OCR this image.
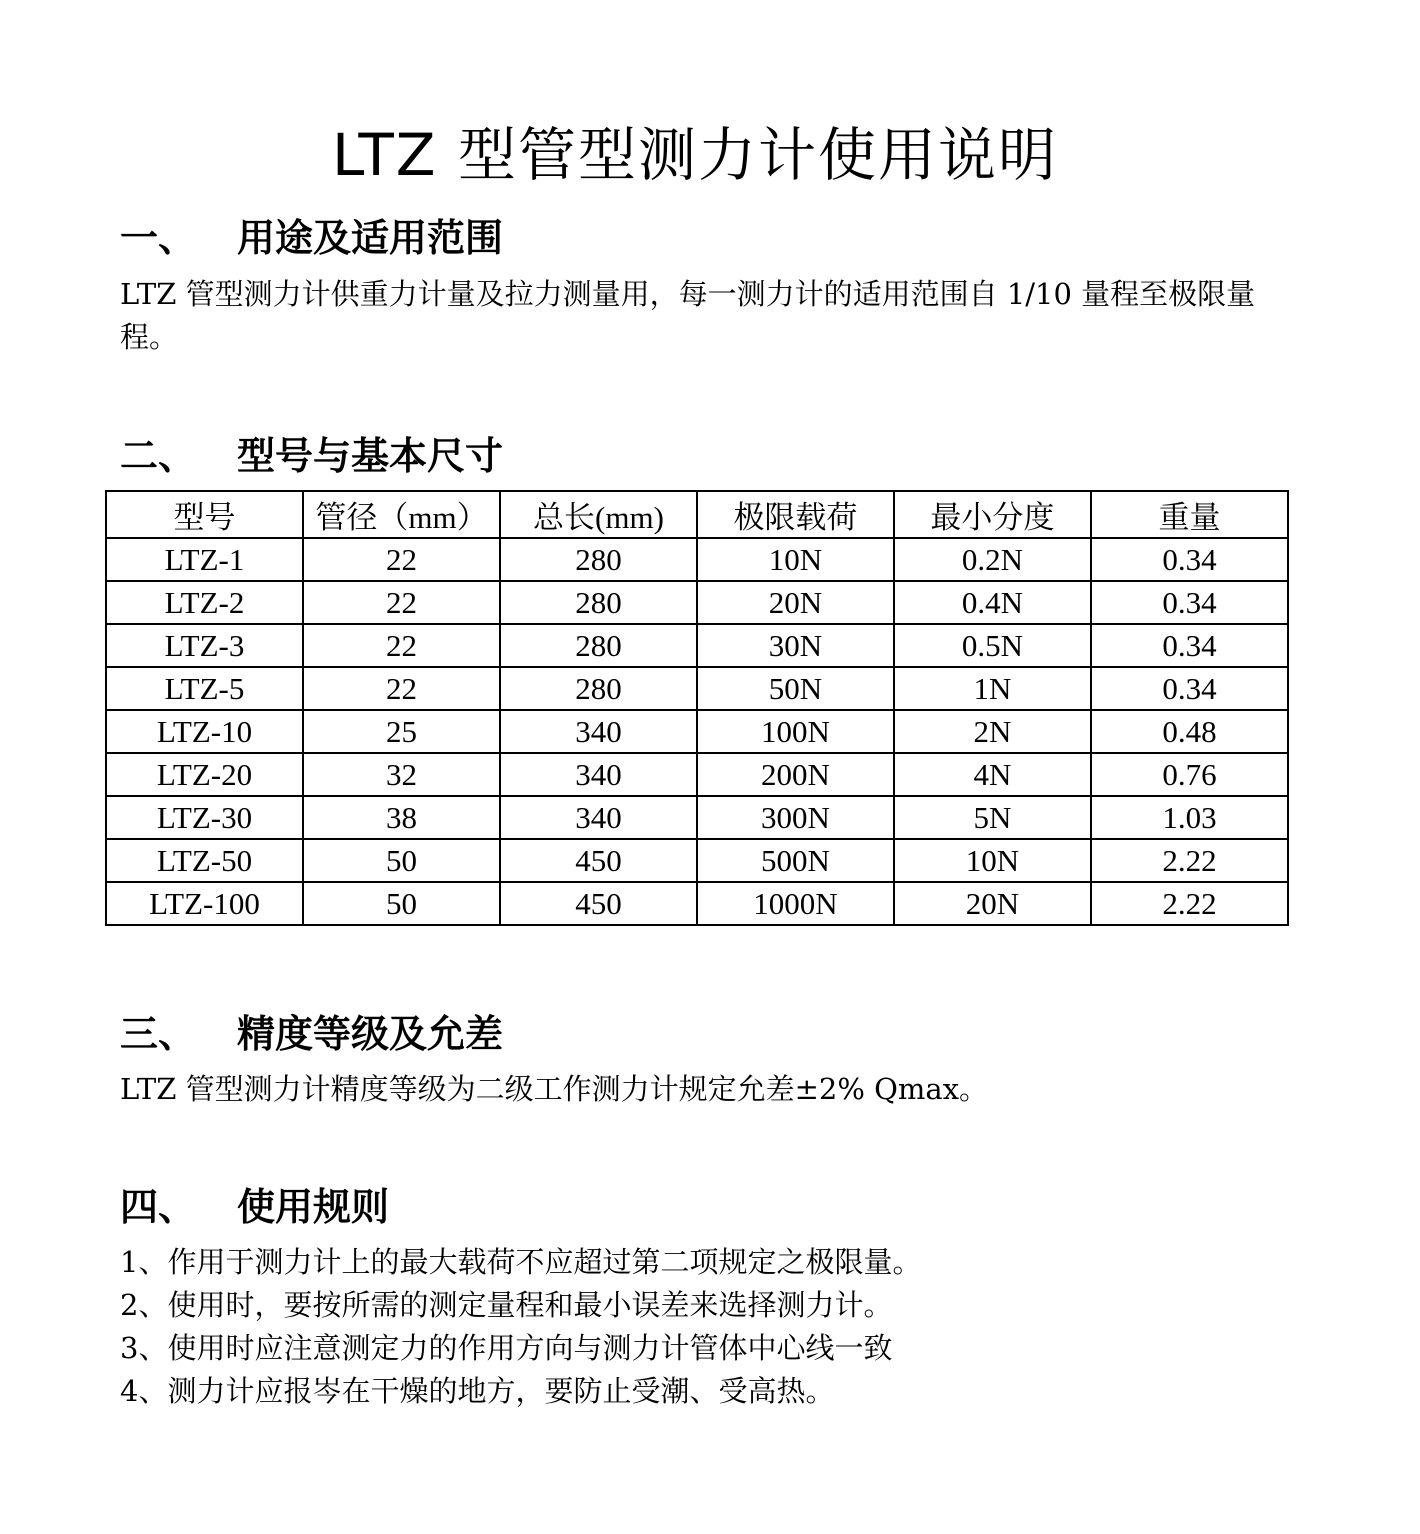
LTZ 型管型测力计使用说明
一、 用途及适用范围
LTZ 管型测力计供重力计量及拉力测量用，每一测力计的适用范围自 1/10 量程至极限量程。
二、 型号与基本尺寸
型号	管径（mm）	总长(mm)	极限载荷	最小分度	重量
LTZ-1	22	280	10N	0.2N	0.34
LTZ-2	22	280	20N	0.4N	0.34
LTZ-3	22	280	30N	0.5N	0.34
LTZ-5	22	280	50N	1N	0.34
LTZ-10	25	340	100N	2N	0.48
LTZ-20	32	340	200N	4N	0.76
LTZ-30	38	340	300N	5N	1.03
LTZ-50	50	450	500N	10N	2.22
LTZ-100	50	450	1000N	20N	2.22
三、 精度等级及允差
LTZ 管型测力计精度等级为二级工作测力计规定允差±2% Qmax。
四、 使用规则
1、作用于测力计上的最大载荷不应超过第二项规定之极限量。
2、使用时，要按所需的测定量程和最小误差来选择测力计。
3、使用时应注意测定力的作用方向与测力计管体中心线一致
4、测力计应报岑在干燥的地方，要防止受潮、受高热。
